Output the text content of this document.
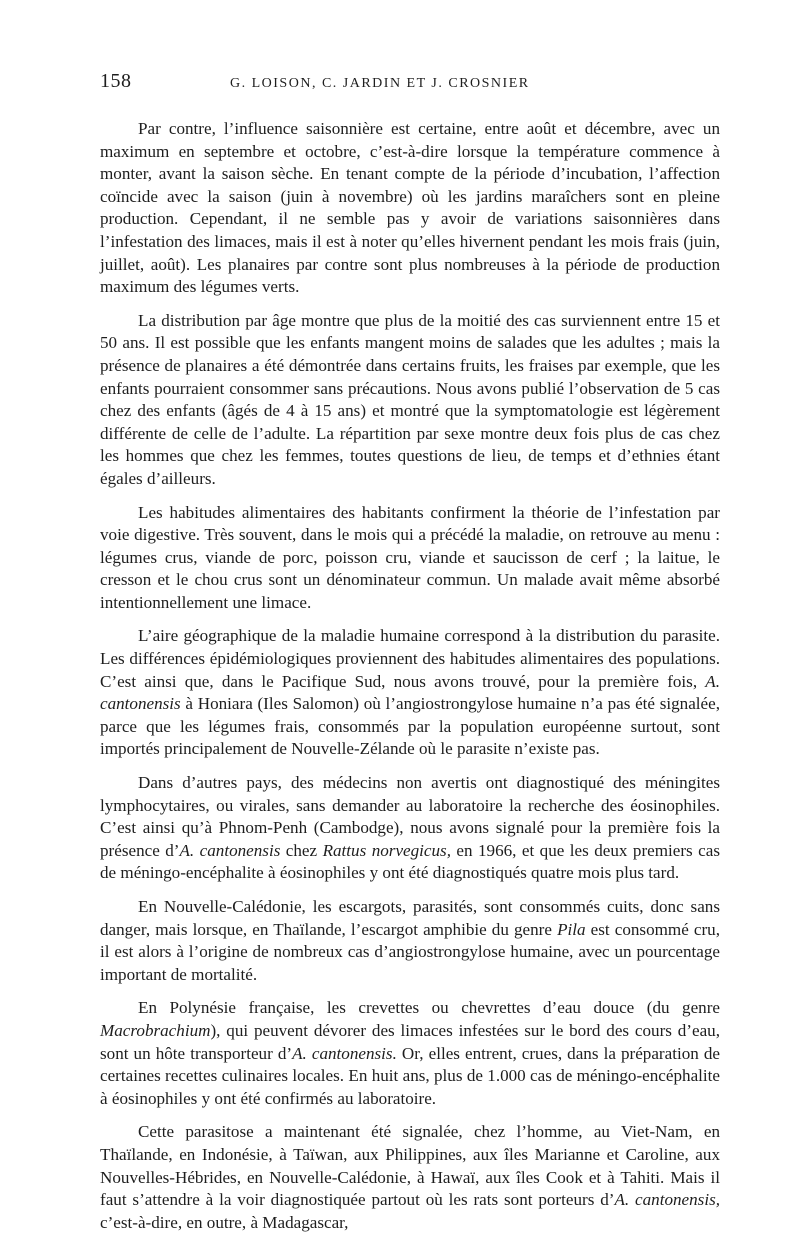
158	G. LOISON, C. JARDIN ET J. CROSNIER

Par contre, l’influence saisonnière est certaine, entre août et décembre, avec un maximum en septembre et octobre, c’est-à-dire lorsque la température commence à monter, avant la saison sèche. En tenant compte de la période d’incubation, l’affection coïncide avec la saison (juin à novembre) où les jardins maraîchers sont en pleine production. Cependant, il ne semble pas y avoir de variations saisonnières dans l’infestation des limaces, mais il est à noter qu’elles hivernent pendant les mois frais (juin, juillet, août). Les planaires par contre sont plus nombreuses à la période de production maximum des légumes verts.

La distribution par âge montre que plus de la moitié des cas surviennent entre 15 et 50 ans. Il est possible que les enfants mangent moins de salades que les adultes ; mais la présence de planaires a été démontrée dans certains fruits, les fraises par exemple, que les enfants pourraient consommer sans précautions. Nous avons publié l’observation de 5 cas chez des enfants (âgés de 4 à 15 ans) et montré que la symptomatologie est légèrement différente de celle de l’adulte. La répartition par sexe montre deux fois plus de cas chez les hommes que chez les femmes, toutes questions de lieu, de temps et d’ethnies étant égales d’ailleurs.

Les habitudes alimentaires des habitants confirment la théorie de l’infestation par voie digestive. Très souvent, dans le mois qui a précédé la maladie, on retrouve au menu : légumes crus, viande de porc, poisson cru, viande et saucisson de cerf ; la laitue, le cresson et le chou crus sont un dénominateur commun. Un malade avait même absorbé intentionnellement une limace.

L’aire géographique de la maladie humaine correspond à la distribution du parasite. Les différences épidémiologiques proviennent des habitudes alimentaires des populations. C’est ainsi que, dans le Pacifique Sud, nous avons trouvé, pour la première fois, A. cantonensis à Honiara (Iles Salomon) où l’angiostrongylose humaine n’a pas été signalée, parce que les légumes frais, consommés par la population européenne surtout, sont importés principalement de Nouvelle-Zélande où le parasite n’existe pas.

Dans d’autres pays, des médecins non avertis ont diagnostiqué des méningites lymphocytaires, ou virales, sans demander au laboratoire la recherche des éosinophiles. C’est ainsi qu’à Phnom-Penh (Cambodge), nous avons signalé pour la première fois la présence d’A. cantonensis chez Rattus norvegicus, en 1966, et que les deux premiers cas de méningo-encéphalite à éosinophiles y ont été diagnostiqués quatre mois plus tard.

En Nouvelle-Calédonie, les escargots, parasités, sont consommés cuits, donc sans danger, mais lorsque, en Thaïlande, l’escargot amphibie du genre Pila est consommé cru, il est alors à l’origine de nombreux cas d’angiostrongylose humaine, avec un pourcentage important de mortalité.

En Polynésie française, les crevettes ou chevrettes d’eau douce (du genre Macrobrachium), qui peuvent dévorer des limaces infestées sur le bord des cours d’eau, sont un hôte transporteur d’A. cantonensis. Or, elles entrent, crues, dans la préparation de certaines recettes culinaires locales. En huit ans, plus de 1.000 cas de méningo-encéphalite à éosinophiles y ont été confirmés au laboratoire.

Cette parasitose a maintenant été signalée, chez l’homme, au Viet-Nam, en Thaïlande, en Indonésie, à Taïwan, aux Philippines, aux îles Marianne et Caroline, aux Nouvelles-Hébrides, en Nouvelle-Calédonie, à Hawaï, aux îles Cook et à Tahiti. Mais il faut s’attendre à la voir diagnostiquée partout où les rats sont porteurs d’A. cantonensis, c’est-à-dire, en outre, à Madagascar,
